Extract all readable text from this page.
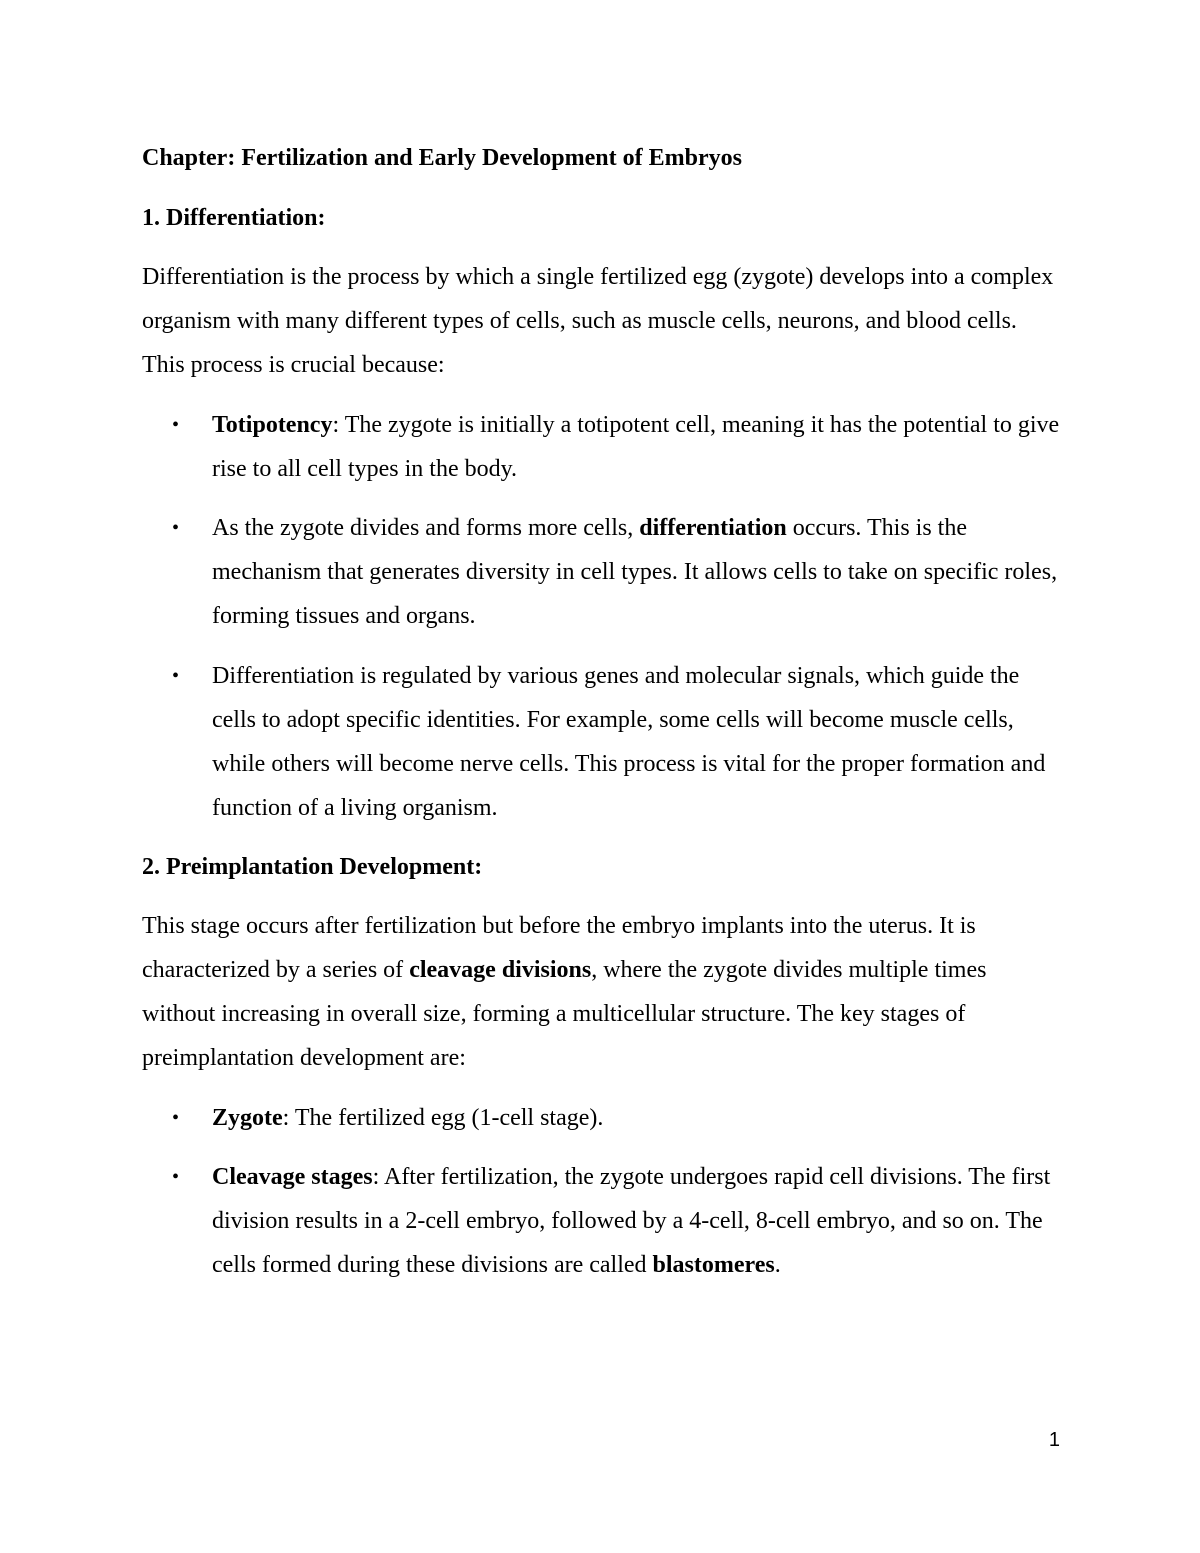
Chapter: Fertilization and Early Development of Embryos

1. Differentiation:

Differentiation is the process by which a single fertilized egg (zygote) develops into a complex organism with many different types of cells, such as muscle cells, neurons, and blood cells. This process is crucial because:

• Totipotency: The zygote is initially a totipotent cell, meaning it has the potential to give rise to all cell types in the body.

• As the zygote divides and forms more cells, differentiation occurs. This is the mechanism that generates diversity in cell types. It allows cells to take on specific roles, forming tissues and organs.

• Differentiation is regulated by various genes and molecular signals, which guide the cells to adopt specific identities. For example, some cells will become muscle cells, while others will become nerve cells. This process is vital for the proper formation and function of a living organism.

2. Preimplantation Development:

This stage occurs after fertilization but before the embryo implants into the uterus. It is characterized by a series of cleavage divisions, where the zygote divides multiple times without increasing in overall size, forming a multicellular structure. The key stages of preimplantation development are:

• Zygote: The fertilized egg (1-cell stage).

• Cleavage stages: After fertilization, the zygote undergoes rapid cell divisions. The first division results in a 2-cell embryo, followed by a 4-cell, 8-cell embryo, and so on. The cells formed during these divisions are called blastomeres.

1
